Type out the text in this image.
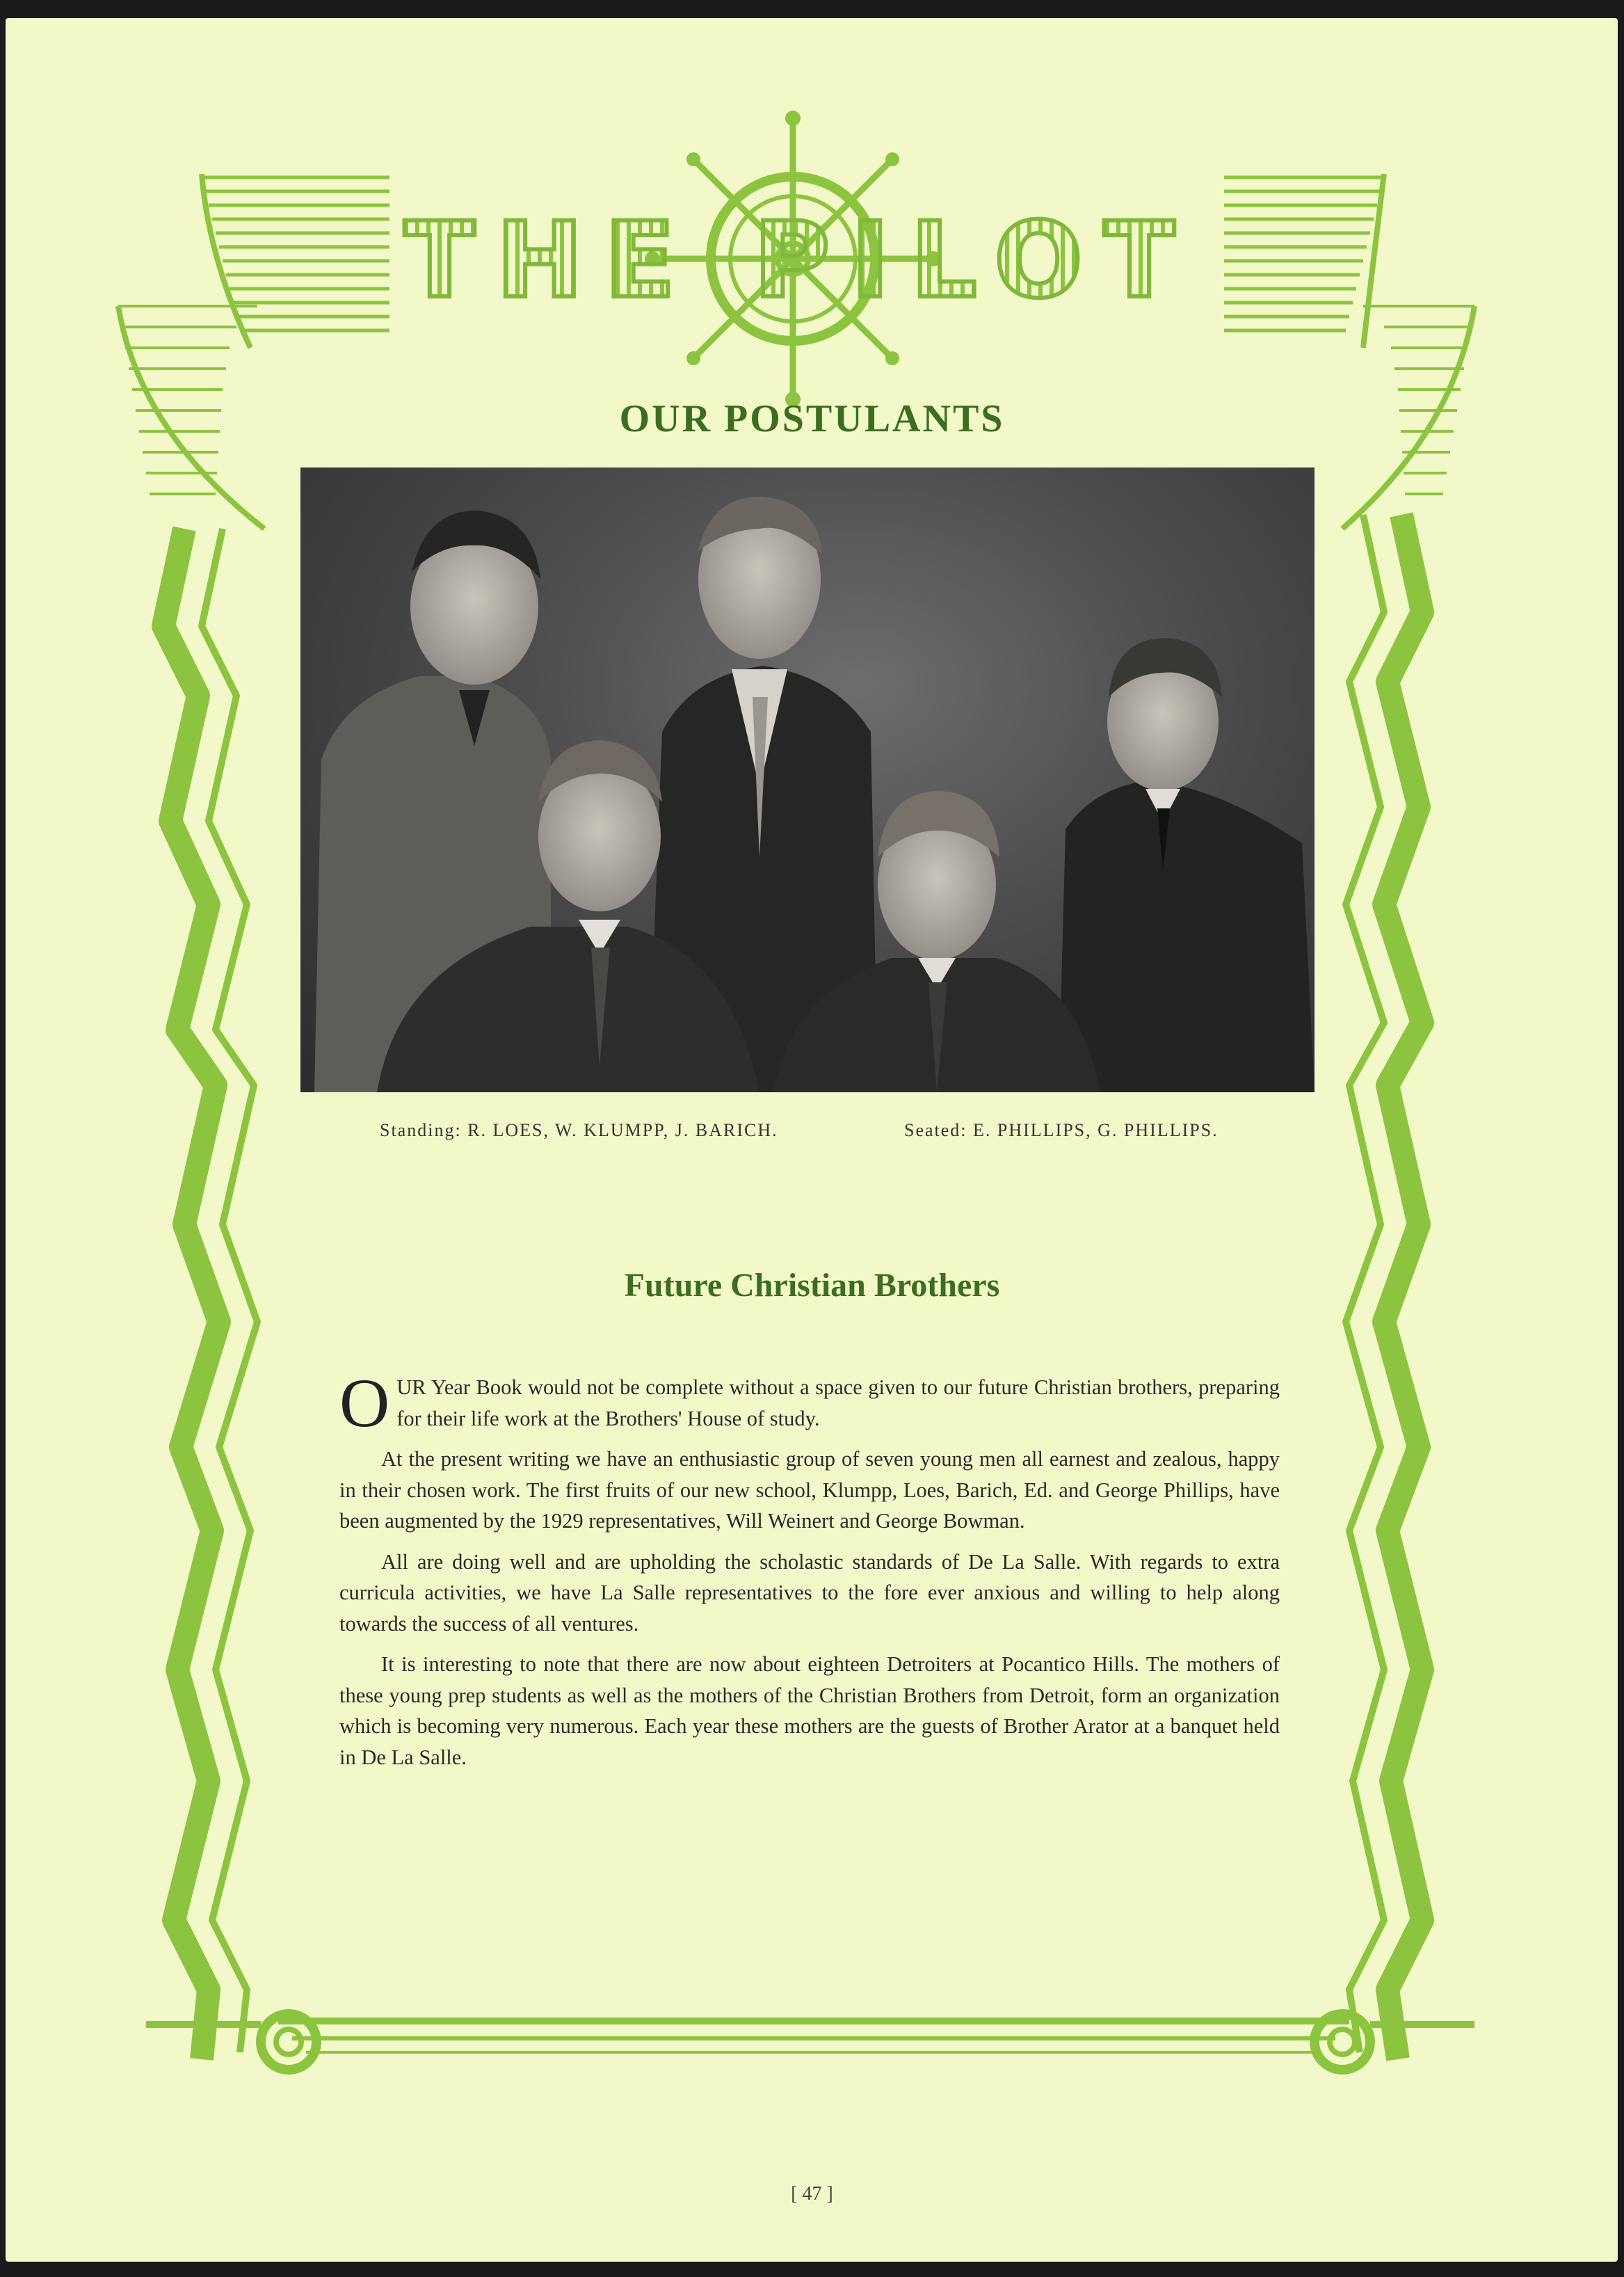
THE PILOT
OUR POSTULANTS
Standing: R. LOES, W. KLUMPP, J. BARICH.	Seated: E. PHILLIPS, G. PHILLIPS.
Future Christian Brothers

OUR Year Book would not be complete without a space given to our future Christian brothers, preparing for their life work at the Brothers' House of study.

At the present writing we have an enthusiastic group of seven young men all earnest and zealous, happy in their chosen work. The first fruits of our new school, Klumpp, Loes, Barich, Ed. and George Phillips, have been augmented by the 1929 representatives, Will Weinert and George Bowman.

All are doing well and are upholding the scholastic standards of De La Salle. With regards to extra curricula activities, we have La Salle representatives to the fore ever anxious and willing to help along towards the success of all ventures.

It is interesting to note that there are now about eighteen Detroiters at Pocantico Hills. The mothers of these young prep students as well as the mothers of the Christian Brothers from Detroit, form an organization which is becoming very numerous. Each year these mothers are the guests of Brother Arator at a banquet held in De La Salle.

[ 47 ]
